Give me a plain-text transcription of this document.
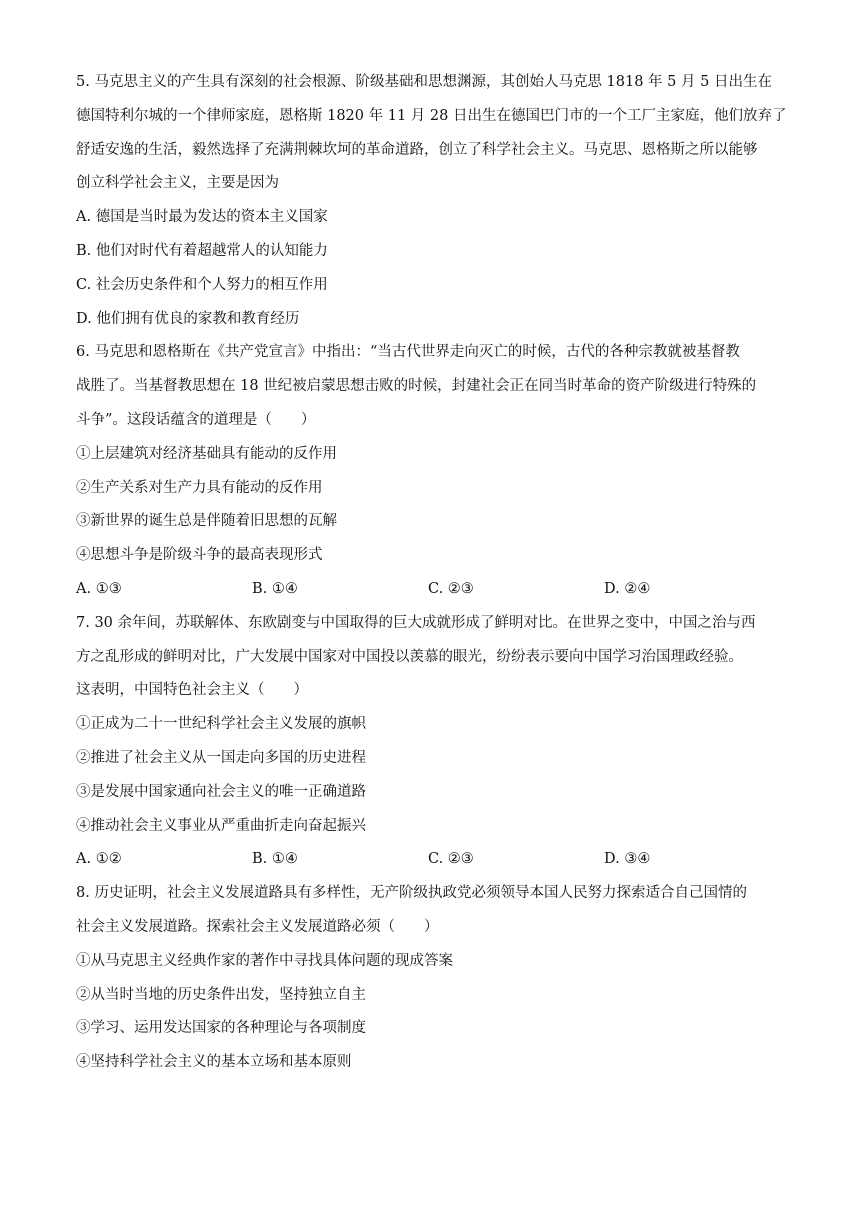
5. 马克思主义的产生具有深刻的社会根源、阶级基础和思想渊源，其创始人马克思 1818 年 5 月 5 日出生在
德国特利尔城的一个律师家庭，恩格斯 1820 年 11 月 28 日出生在德国巴门市的一个工厂主家庭，他们放弃了
舒适安逸的生活，毅然选择了充满荆棘坎坷的革命道路，创立了科学社会主义。马克思、恩格斯之所以能够
创立科学社会主义，主要是因为
A. 德国是当时最为发达的资本主义国家
B. 他们对时代有着超越常人的认知能力
C. 社会历史条件和个人努力的相互作用
D. 他们拥有优良的家教和教育经历
6. 马克思和恩格斯在《共产党宣言》中指出：“当古代世界走向灭亡的时候，古代的各种宗教就被基督教
战胜了。当基督教思想在 18 世纪被启蒙思想击败的时候，封建社会正在同当时革命的资产阶级进行特殊的
斗争”。这段话蕴含的道理是（　　）
①上层建筑对经济基础具有能动的反作用
②生产关系对生产力具有能动的反作用
③新世界的诞生总是伴随着旧思想的瓦解
④思想斗争是阶级斗争的最高表现形式
A. ①③	B. ①④	C. ②③	D. ②④
7. 30 余年间，苏联解体、东欧剧变与中国取得的巨大成就形成了鲜明对比。在世界之变中，中国之治与西
方之乱形成的鲜明对比，广大发展中国家对中国投以羡慕的眼光，纷纷表示要向中国学习治国理政经验。
这表明，中国特色社会主义（　　）
①正成为二十一世纪科学社会主义发展的旗帜
②推进了社会主义从一国走向多国的历史进程
③是发展中国家通向社会主义的唯一正确道路
④推动社会主义事业从严重曲折走向奋起振兴
A. ①②	B. ①④	C. ②③	D. ③④
8. 历史证明，社会主义发展道路具有多样性，无产阶级执政党必须领导本国人民努力探索适合自己国情的
社会主义发展道路。探索社会主义发展道路必须（　　）
①从马克思主义经典作家的著作中寻找具体问题的现成答案
②从当时当地的历史条件出发，坚持独立自主
③学习、运用发达国家的各种理论与各项制度
④坚持科学社会主义的基本立场和基本原则
